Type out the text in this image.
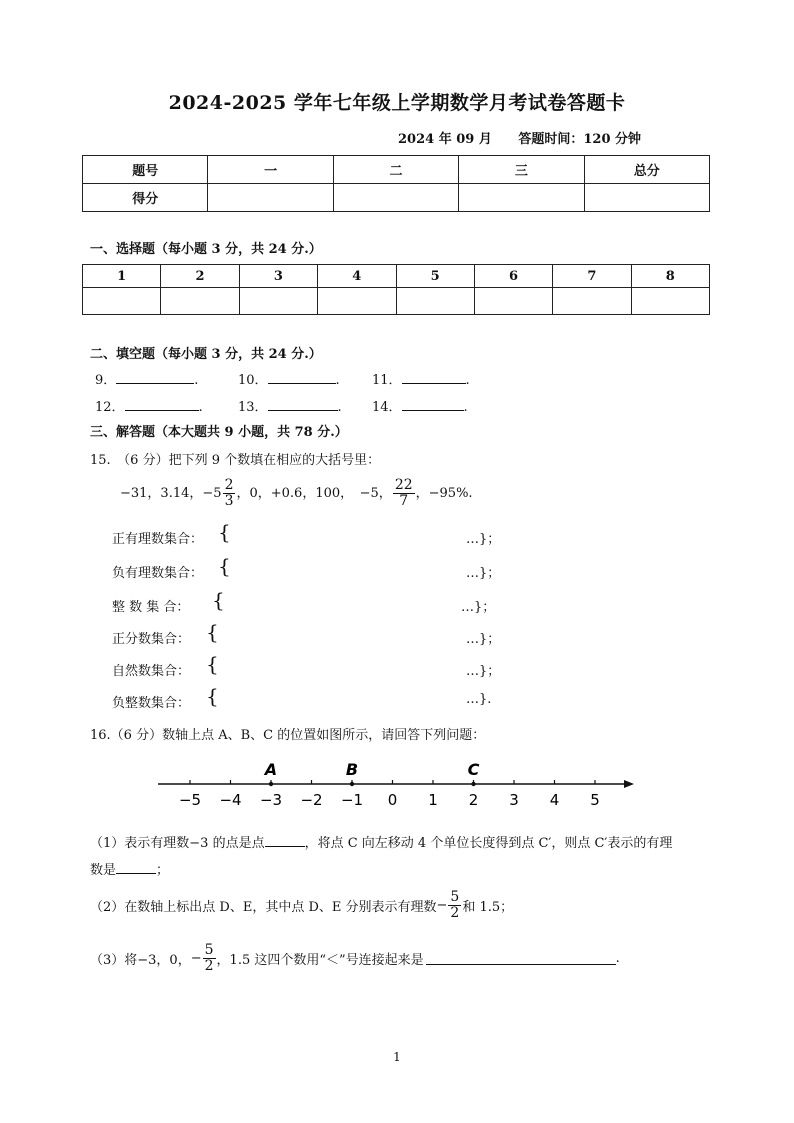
2024-2025 学年七年级上学期数学月考试卷答题卡
2024 年 09 月 答题时间：120 分钟
题号	一	二	三	总分
得分				
一、选择题（每小题 3 分，共 24 分.）
1	2	3	4	5	6	7	8

二、填空题（每小题 3 分，共 24 分.）
9．	.	10．	. 11．	.
12．	.	13．	. 14．	.
三、解答题（本大题共 9 小题，共 78 分.）
15.　（6 分）把下列 9 个数填在相应的大括号里：
−31，3.14，$-5 \frac{2}{3}$ ，0，+0.6，100，　−5， $\frac{22}{7}$ ，−95%.
正有理数集合： {	…}；
负有理数集合： {	…}；
整 数 集 合： {	…}；
正分数集合： {	…}；
自然数集合： {	…}；
负整数集合： {	…}.
16.（6 分）数轴上点 A、B、C 的位置如图所示，请回答下列问题：
−5 −4 −3 −2 −1 0 1 2 3 4 5
A	B	C
（1）表示有理数−3 的点是点	，将点 C 向左移动 4 个单位长度得到点 C′，则点 C′表示的有理
数是	；
（2）在数轴上标出点 D、E，其中点 D、E 分别表示有理数 − $\frac{5}{2}$ 和 1.5；
（3）将−3，0， − $\frac{5}{2}$ ，1.5 这四个数用“＜”号连接起来是	.
1
